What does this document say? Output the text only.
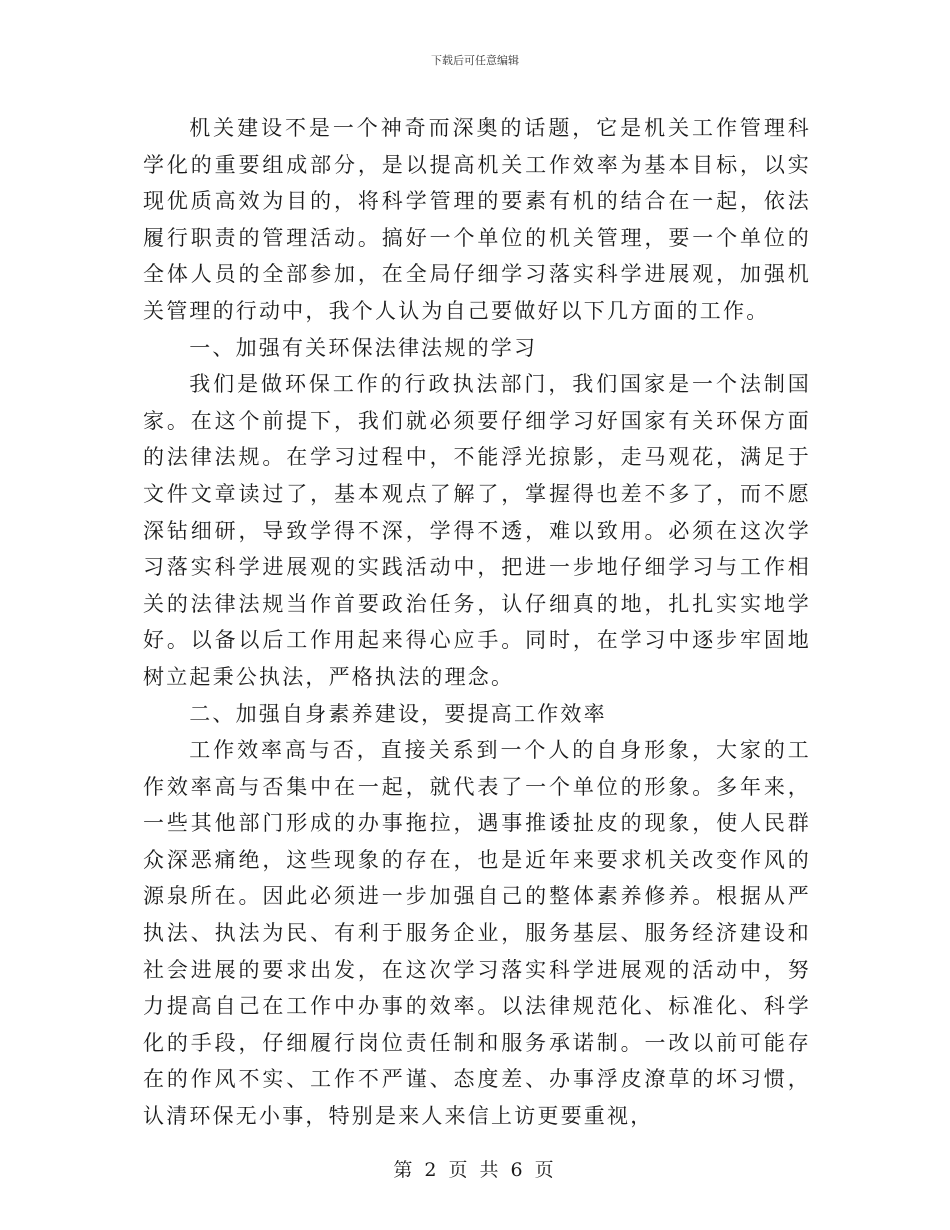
下载后可任意编辑

机关建设不是一个神奇而深奥的话题，它是机关工作管理科学化的重要组成部分，是以提高机关工作效率为基本目标，以实现优质高效为目的，将科学管理的要素有机的结合在一起，依法履行职责的管理活动。搞好一个单位的机关管理，要一个单位的全体人员的全部参加，在全局仔细学习落实科学进展观，加强机关管理的行动中，我个人认为自己要做好以下几方面的工作。

一、加强有关环保法律法规的学习

我们是做环保工作的行政执法部门，我们国家是一个法制国家。在这个前提下，我们就必须要仔细学习好国家有关环保方面的法律法规。在学习过程中，不能浮光掠影，走马观花，满足于文件文章读过了，基本观点了解了，掌握得也差不多了，而不愿深钻细研，导致学得不深，学得不透，难以致用。必须在这次学习落实科学进展观的实践活动中，把进一步地仔细学习与工作相关的法律法规当作首要政治任务，认仔细真的地，扎扎实实地学好。以备以后工作用起来得心应手。同时，在学习中逐步牢固地树立起秉公执法，严格执法的理念。

二、加强自身素养建设，要提高工作效率

工作效率高与否，直接关系到一个人的自身形象，大家的工作效率高与否集中在一起，就代表了一个单位的形象。多年来，一些其他部门形成的办事拖拉，遇事推诿扯皮的现象，使人民群众深恶痛绝，这些现象的存在，也是近年来要求机关改变作风的源泉所在。因此必须进一步加强自己的整体素养修养。根据从严执法、执法为民、有利于服务企业，服务基层、服务经济建设和社会进展的要求出发，在这次学习落实科学进展观的活动中，努力提高自己在工作中办事的效率。以法律规范化、标准化、科学化的手段，仔细履行岗位责任制和服务承诺制。一改以前可能存在的作风不实、工作不严谨、态度差、办事浮皮潦草的坏习惯，认清环保无小事，特别是来人来信上访更要重视，

第 2 页 共 6 页
